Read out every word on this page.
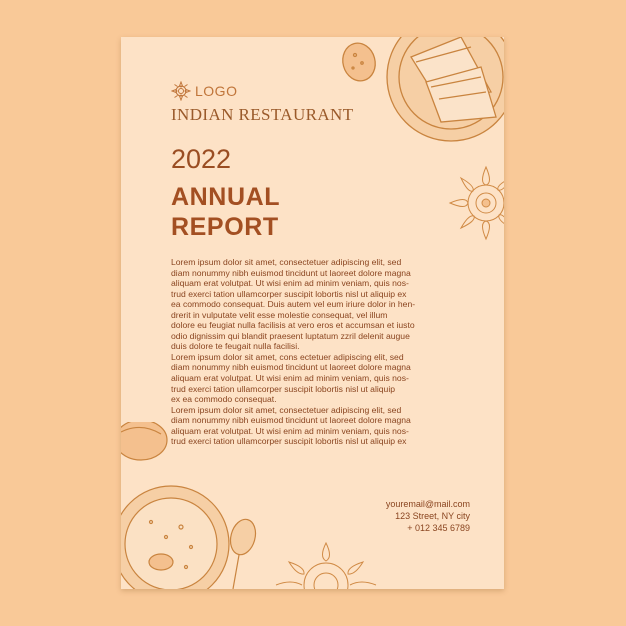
LOGO
INDIAN RESTAURANT
2022
ANNUAL
REPORT

Lorem ipsum dolor sit amet, consectetuer adipiscing elit, sed

diam nonummy nibh euismod tincidunt ut laoreet dolore magna

aliquam erat volutpat. Ut wisi enim ad minim veniam, quis nos-

trud exerci tation ullamcorper suscipit lobortis nisl ut aliquip ex

ea commodo consequat. Duis autem vel eum iriure dolor in hen-

drerit in vulputate velit esse molestie consequat, vel illum

dolore eu feugiat nulla facilisis at vero eros et accumsan et iusto

odio dignissim qui blandit praesent luptatum zzril delenit augue

duis dolore te feugait nulla facilisi.

Lorem ipsum dolor sit amet, cons ectetuer adipiscing elit, sed

diam nonummy nibh euismod tincidunt ut laoreet dolore magna

aliquam erat volutpat. Ut wisi enim ad minim veniam, quis nos-

trud exerci tation ullamcorper suscipit lobortis nisl ut aliquip

ex ea commodo consequat.

Lorem ipsum dolor sit amet, consectetuer adipiscing elit, sed

diam nonummy nibh euismod tincidunt ut laoreet dolore magna

aliquam erat volutpat. Ut wisi enim ad minim veniam, quis nos-

trud exerci tation ullamcorper suscipit lobortis nisl ut aliquip ex

youremail@mail.com
123 Street, NY city
+ 012 345 6789
